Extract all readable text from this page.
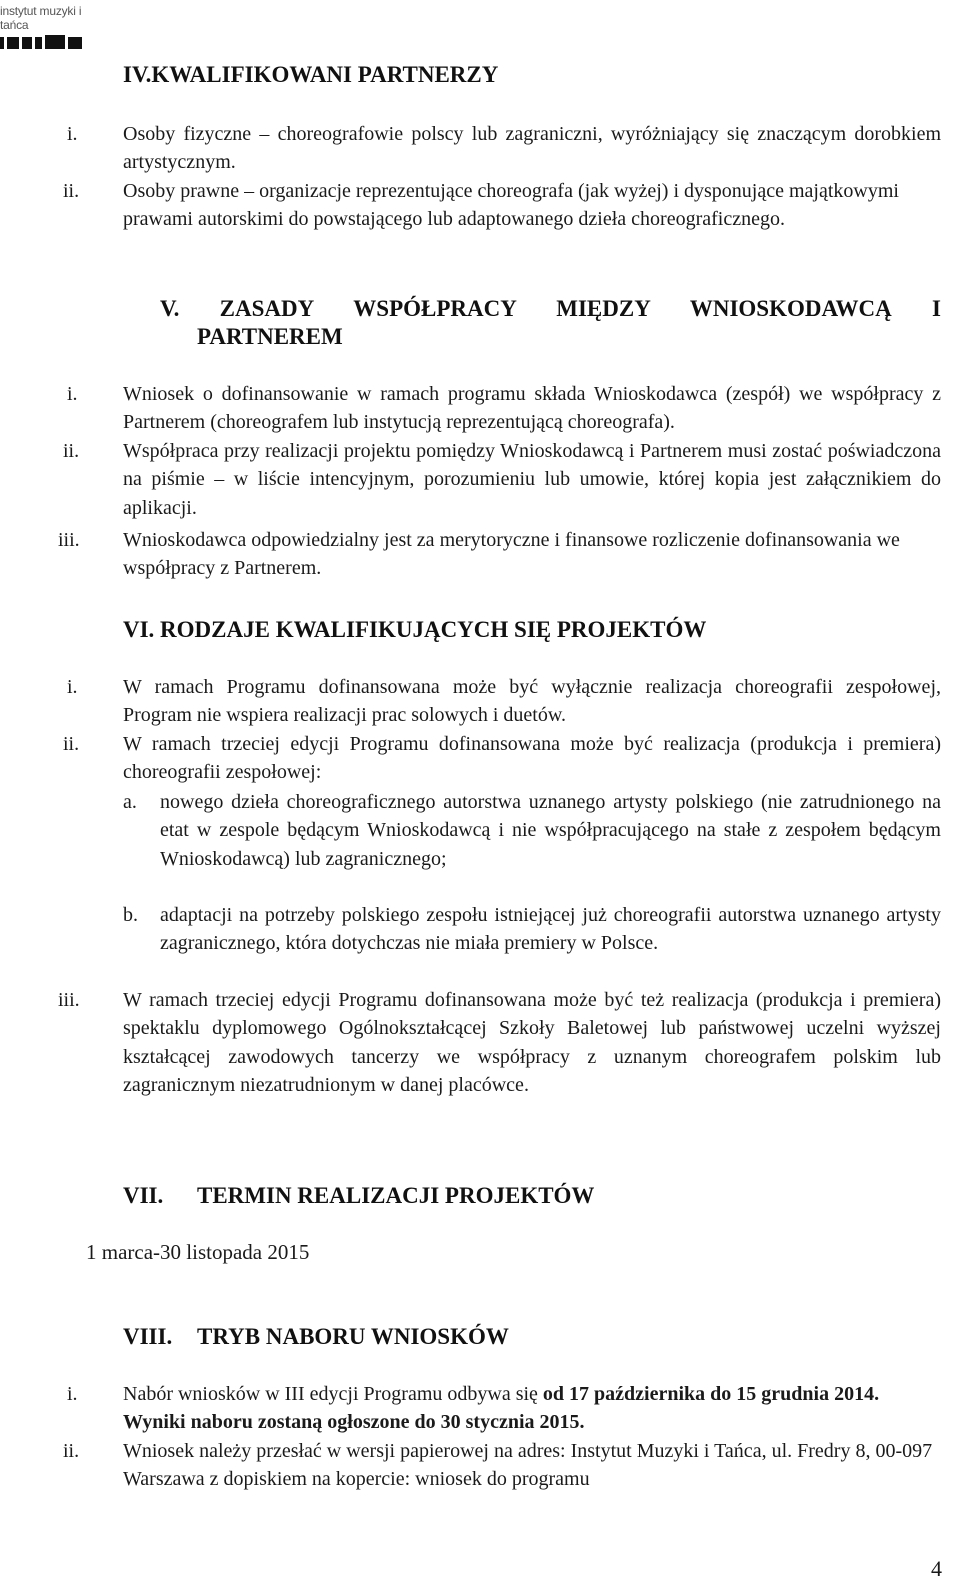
instytut muzyki i tańca
IV.KWALIFIKOWANI PARTNERZY
i. Osoby fizyczne – choreografowie polscy lub zagraniczni, wyróżniający się znaczącym dorobkiem artystycznym.
ii. Osoby prawne – organizacje reprezentujące choreografa (jak wyżej) i dysponujące majątkowymi prawami autorskimi do powstającego lub adaptowanego dzieła choreograficznego.
V. ZASADY WSPÓŁPRACY MIĘDZY WNIOSKODAWCĄ I
PARTNEREM
i. Wniosek o dofinansowanie w ramach programu składa Wnioskodawca (zespół) we współpracy z Partnerem (choreografem lub instytucją reprezentującą choreografa).
ii. Współpraca przy realizacji projektu pomiędzy Wnioskodawcą i Partnerem musi zostać poświadczona na piśmie – w liście intencyjnym, porozumieniu lub umowie, której kopia jest załącznikiem do aplikacji.
iii. Wnioskodawca odpowiedzialny jest za merytoryczne i finansowe rozliczenie dofinansowania we współpracy z Partnerem.
VI. RODZAJE KWALIFIKUJĄCYCH SIĘ PROJEKTÓW
i. W ramach Programu dofinansowana może być wyłącznie realizacja choreografii zespołowej, Program nie wspiera realizacji prac solowych i duetów.
ii. W ramach trzeciej edycji Programu dofinansowana może być realizacja (produkcja i premiera) choreografii zespołowej:
a. nowego dzieła choreograficznego autorstwa uznanego artysty polskiego (nie zatrudnionego na etat w zespole będącym Wnioskodawcą i nie współpracującego na stałe z zespołem będącym Wnioskodawcą) lub zagranicznego;
b. adaptacji na potrzeby polskiego zespołu istniejącej już choreografii autorstwa uznanego artysty zagranicznego, która dotychczas nie miała premiery w Polsce.
iii. W ramach trzeciej edycji Programu dofinansowana może być też realizacja (produkcja i premiera) spektaklu dyplomowego Ogólnokształcącej Szkoły Baletowej lub państwowej uczelni wyższej kształcącej zawodowych tancerzy we współpracy z uznanym choreografem polskim lub zagranicznym niezatrudnionym w danej placówce.
VII. TERMIN REALIZACJI PROJEKTÓW
1 marca-30 listopada 2015
VIII. TRYB NABORU WNIOSKÓW
i. Nabór wniosków w III edycji Programu odbywa się od 17 października do 15 grudnia 2014. Wyniki naboru zostaną ogłoszone do 30 stycznia 2015.
ii. Wniosek należy przesłać w wersji papierowej na adres: Instytut Muzyki i Tańca, ul. Fredry 8, 00-097 Warszawa z dopiskiem na kopercie: wniosek do programu
4
